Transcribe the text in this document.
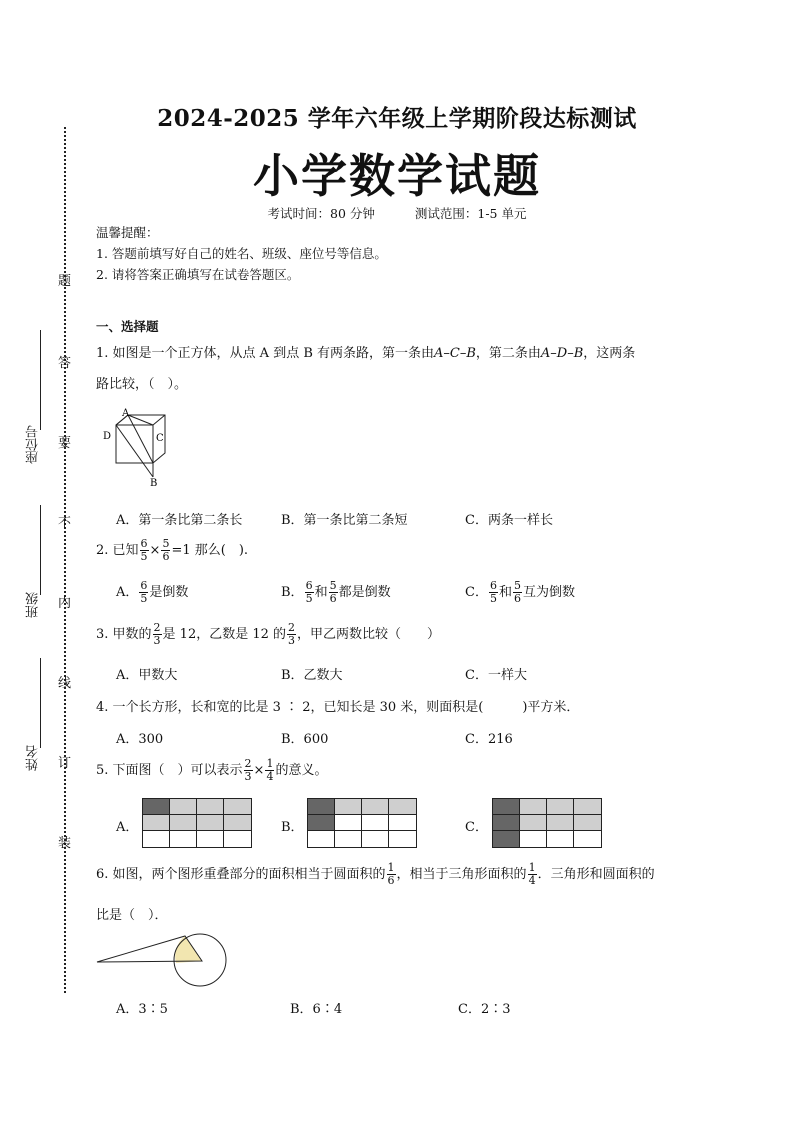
2024-2025 学年六年级上学期阶段达标测试
小学数学试题
考试时间：80 分钟	测试范围：1-5 单元
温馨提醒：
1. 答题前填写好自己的姓名、班级、座位号等信息。
2. 请将答案正确填写在试卷答题区。
题
答
要
不
内
线
订
装
座位号
班级
姓名
一、选择题
1. 如图是一个正方体，从点 A 到点 B 有两条路，第一条由A–C–B，第二条由A–D–B，这两条
路比较，（　）。
A
D	C
B
A．第一条比第二条长	B．第一条比第二条短	C．两条一样长
2. 已知 $\frac{6}{5} \times \frac{5}{6} =1$ 那么(　).
A． $\frac{6}{5}$ 是倒数	B． $\frac{6}{5}$ 和 $\frac{5}{6}$ 都是倒数	C． $\frac{6}{5}$ 和 $\frac{5}{6}$ 互为倒数
3. 甲数的 $\frac{2}{3}$ 是 12，乙数是 12 的 $\frac{2}{3}$ ，甲乙两数比较（　　）
A．甲数大	B．乙数大	C．一样大
4. 一个长方形，长和宽的比是 3 ∶ 2，已知长是 30 米，则面积是(　　　)平方米．
A．300	B．600	C．216
5. 下面图（　）可以表示 $\frac{2}{3} \times \frac{1}{4}$ 的意义。
A．	B．	C．
6. 如图，两个图形重叠部分的面积相当于圆面积的 $\frac{1}{6}$ ，相当于三角形面积的 $\frac{1}{4}$ ．三角形和圆面积的
比是（　）．
A．3∶5	B．6∶4	C．2∶3
